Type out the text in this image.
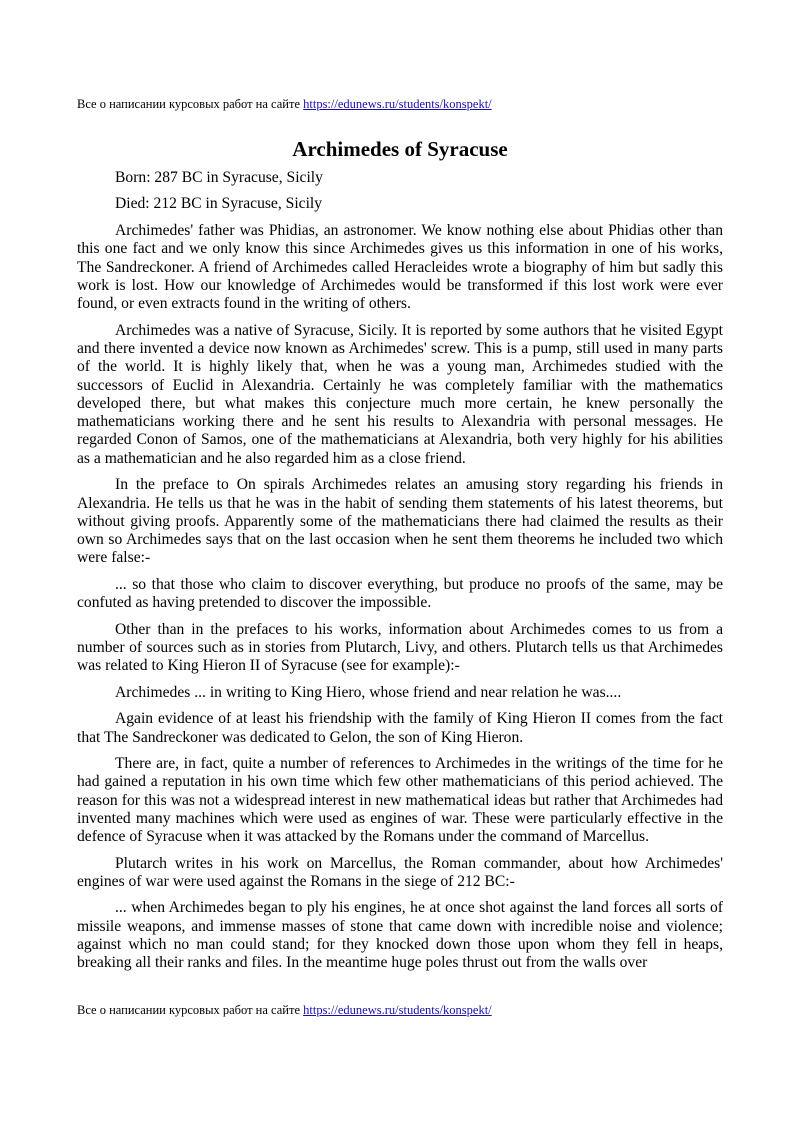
Все о написании курсовых работ на сайте https://edunews.ru/students/konspekt/
Archimedes of Syracuse

Born: 287 BC in Syracuse, Sicily

Died: 212 BC in Syracuse, Sicily

Archimedes' father was Phidias, an astronomer. We know nothing else about Phidias other than this one fact and we only know this since Archimedes gives us this information in one of his works, The Sandreckoner. A friend of Archimedes called Heracleides wrote a biography of him but sadly this work is lost. How our knowledge of Archimedes would be transformed if this lost work were ever found, or even extracts found in the writing of others.

Archimedes was a native of Syracuse, Sicily. It is reported by some authors that he visited Egypt and there invented a device now known as Archimedes' screw. This is a pump, still used in many parts of the world. It is highly likely that, when he was a young man, Archimedes studied with the successors of Euclid in Alexandria. Certainly he was completely familiar with the mathematics developed there, but what makes this conjecture much more certain, he knew personally the mathematicians working there and he sent his results to Alexandria with personal messages. He regarded Conon of Samos, one of the mathematicians at Alexandria, both very highly for his abilities as a mathematician and he also regarded him as a close friend.

In the preface to On spirals Archimedes relates an amusing story regarding his friends in Alexandria. He tells us that he was in the habit of sending them statements of his latest theorems, but without giving proofs. Apparently some of the mathematicians there had claimed the results as their own so Archimedes says that on the last occasion when he sent them theorems he included two which were false:-

... so that those who claim to discover everything, but produce no proofs of the same, may be confuted as having pretended to discover the impossible.

Other than in the prefaces to his works, information about Archimedes comes to us from a number of sources such as in stories from Plutarch, Livy, and others. Plutarch tells us that Archimedes was related to King Hieron II of Syracuse (see for example):-

Archimedes ... in writing to King Hiero, whose friend and near relation he was....

Again evidence of at least his friendship with the family of King Hieron II comes from the fact that The Sandreckoner was dedicated to Gelon, the son of King Hieron.

There are, in fact, quite a number of references to Archimedes in the writings of the time for he had gained a reputation in his own time which few other mathematicians of this period achieved. The reason for this was not a widespread interest in new mathematical ideas but rather that Archimedes had invented many machines which were used as engines of war. These were particularly effective in the defence of Syracuse when it was attacked by the Romans under the command of Marcellus.

Plutarch writes in his work on Marcellus, the Roman commander, about how Archimedes' engines of war were used against the Romans in the siege of 212 BC:-

... when Archimedes began to ply his engines, he at once shot against the land forces all sorts of missile weapons, and immense masses of stone that came down with incredible noise and violence; against which no man could stand; for they knocked down those upon whom they fell in heaps, breaking all their ranks and files. In the meantime huge poles thrust out from the walls over

Все о написании курсовых работ на сайте https://edunews.ru/students/konspekt/
